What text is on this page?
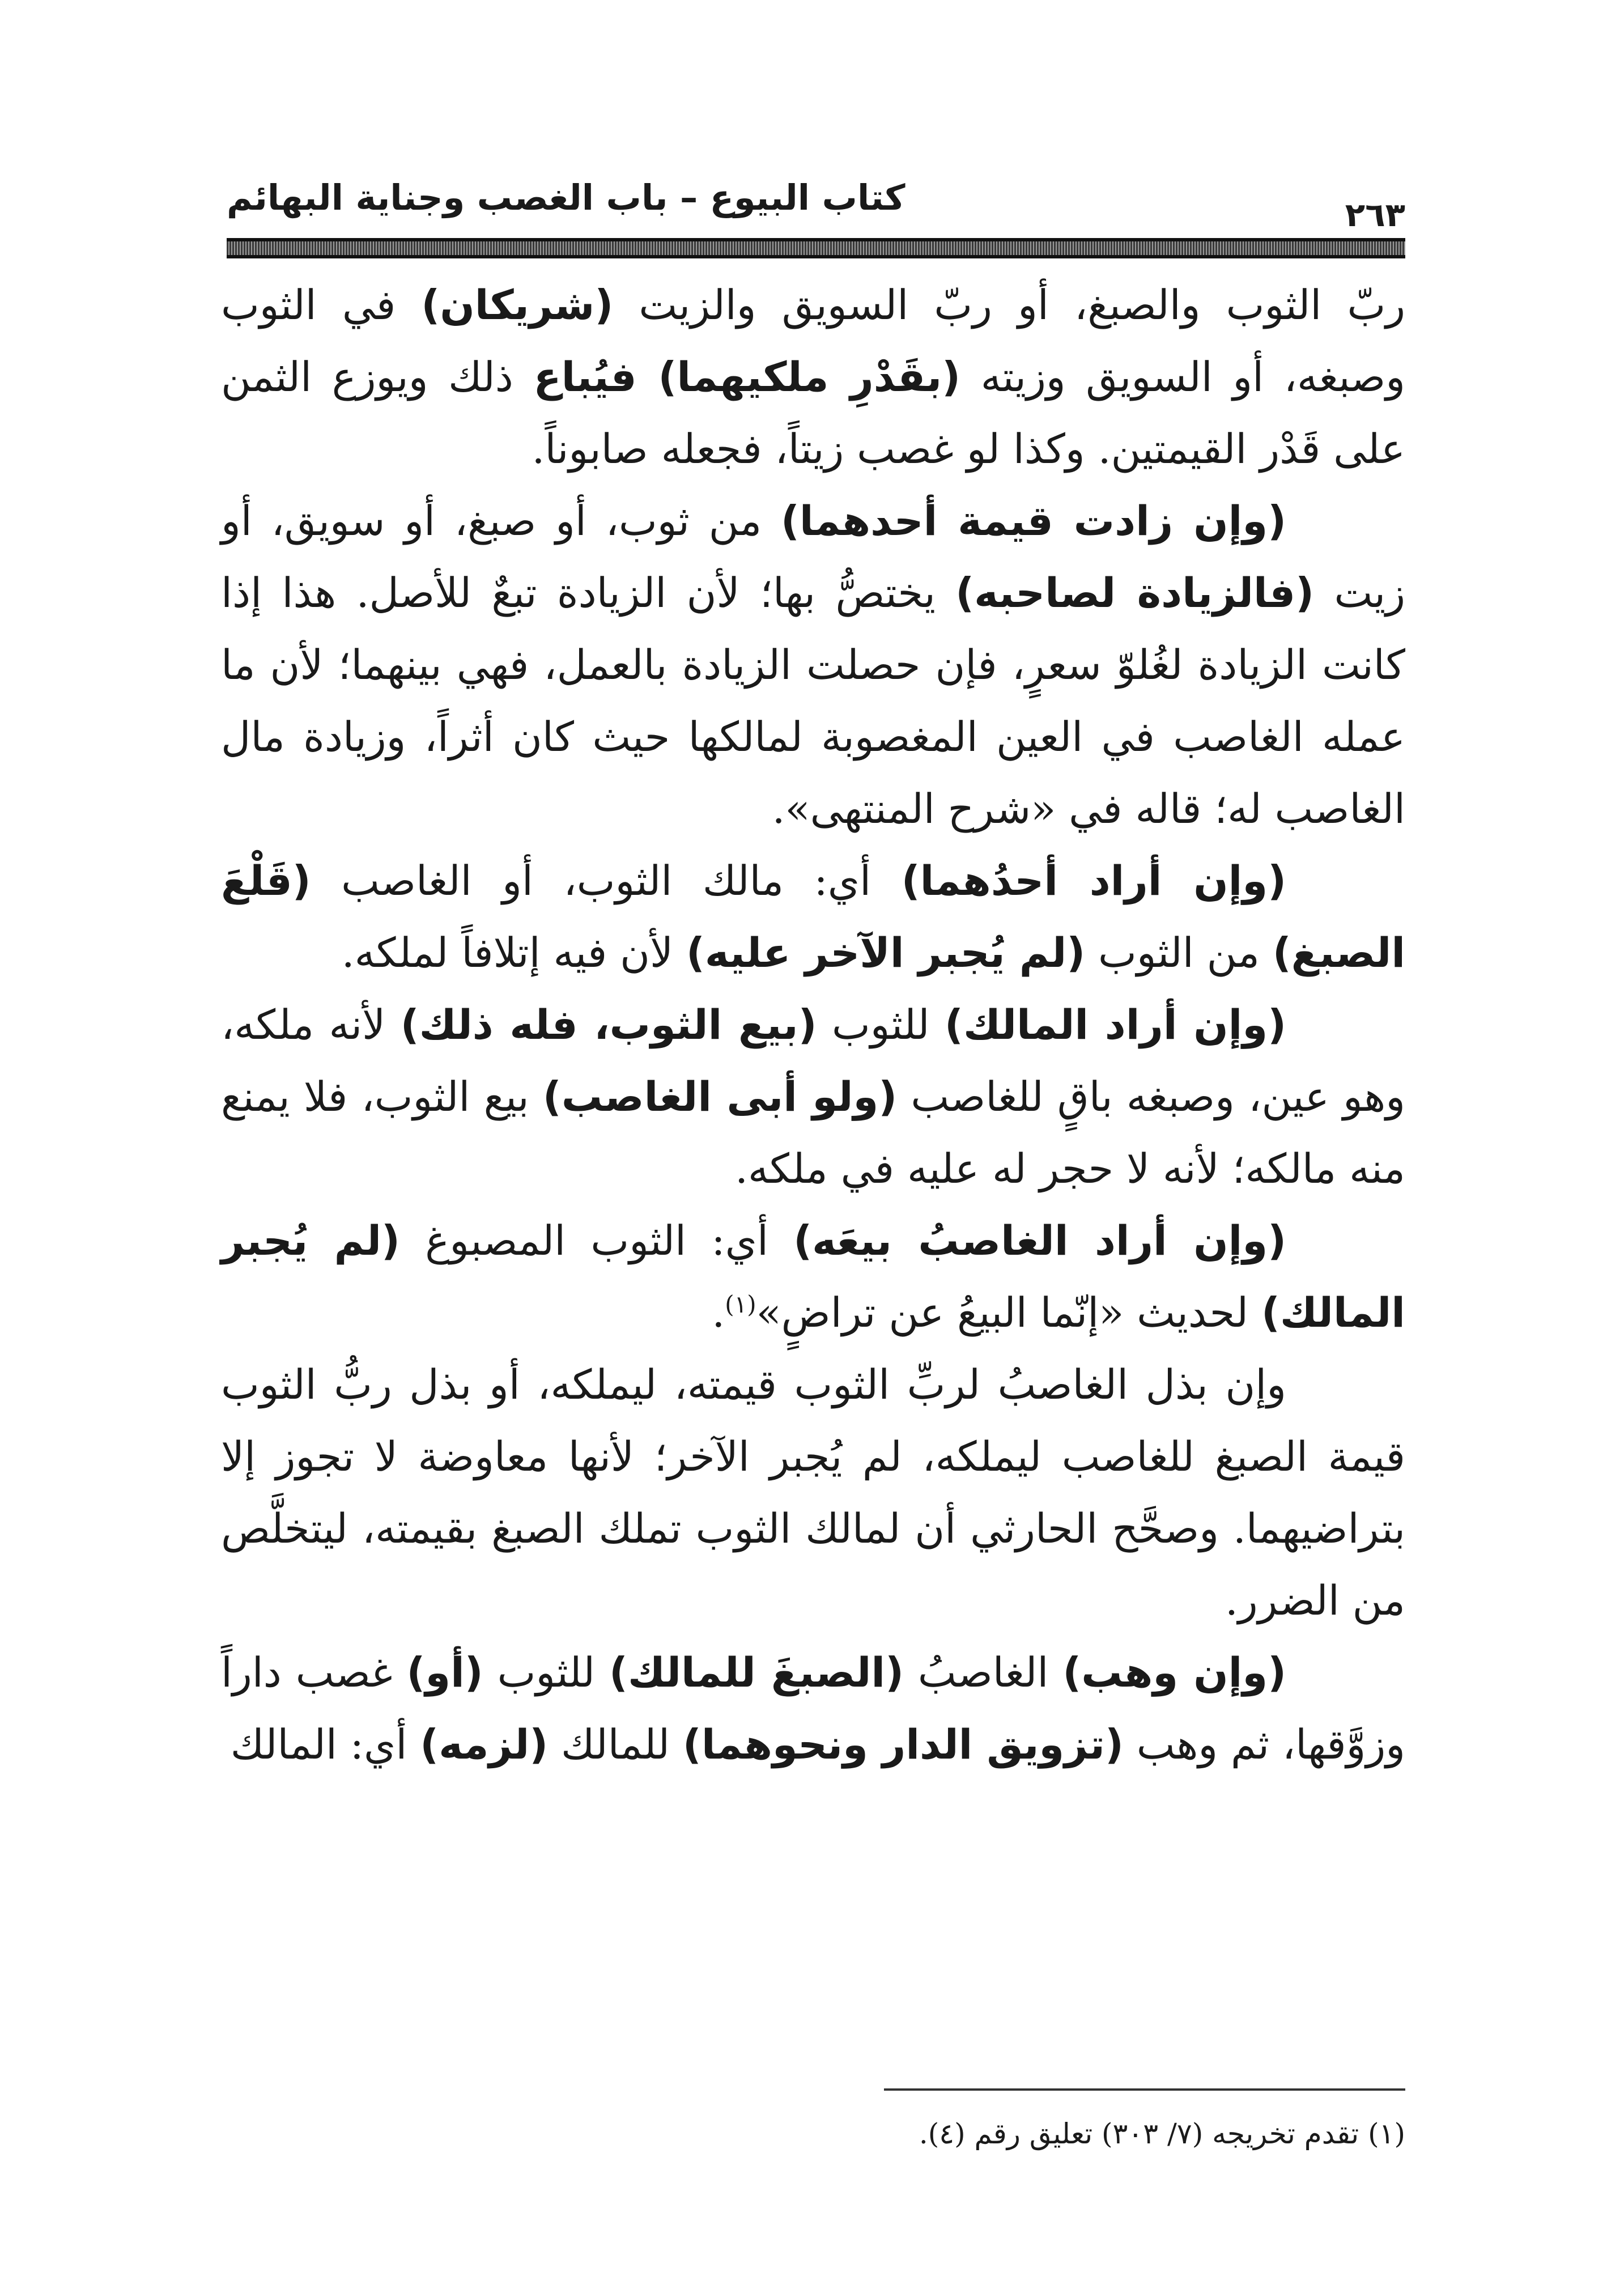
٢٦٣
كتاب البيوع – باب الغصب وجناية البهائم

ربّ الثوب والصبغ، أو ربّ السويق والزيت (شريكان) في الثوب وصبغه، أو السويق وزيته (بقَدْرِ ملكيهما) فيُباع ذلك ويوزع الثمن على قَدْر القيمتين. وكذا لو غصب زيتاً، فجعله صابوناً.

(وإن زادت قيمة أحدهما) من ثوب، أو صبغ، أو سويق، أو زيت (فالزيادة لصاحبه) يختصُّ بها؛ لأن الزيادة تبعٌ للأصل. هذا إذا كانت الزيادة لغُلوّ سعرٍ، فإن حصلت الزيادة بالعمل، فهي بينهما؛ لأن ما عمله الغاصب في العين المغصوبة لمالكها حيث كان أثراً، وزيادة مال الغاصب له؛ قاله في «شرح المنتهى».

(وإن أراد أحدُهما) أي: مالك الثوب، أو الغاصب (قَلْعَ الصبغ) من الثوب (لم يُجبر الآخر عليه) لأن فيه إتلافاً لملكه.

(وإن أراد المالك) للثوب (بيع الثوب، فله ذلك) لأنه ملكه، وهو عين، وصبغه باقٍ للغاصب (ولو أبى الغاصب) بيع الثوب، فلا يمنع منه مالكه؛ لأنه لا حجر له عليه في ملكه.

(وإن أراد الغاصبُ بيعَه) أي: الثوب المصبوغ (لم يُجبر المالك) لحديث «إنّما البيعُ عن تراضٍ»$^{(١)}$.

وإن بذل الغاصبُ لربِّ الثوب قيمته، ليملكه، أو بذل ربُّ الثوب قيمة الصبغ للغاصب ليملكه، لم يُجبر الآخر؛ لأنها معاوضة لا تجوز إلا بتراضيهما. وصحَّح الحارثي أن لمالك الثوب تملك الصبغ بقيمته، ليتخلَّص من الضرر.

(وإن وهب) الغاصبُ (الصبغَ للمالك) للثوب (أو) غصب داراً وزوَّقها، ثم وهب (تزويق الدار ونحوهما) للمالك (لزمه) أي: المالك

(١) تقدم تخريجه (٧/ ٣٠٣) تعليق رقم (٤).
